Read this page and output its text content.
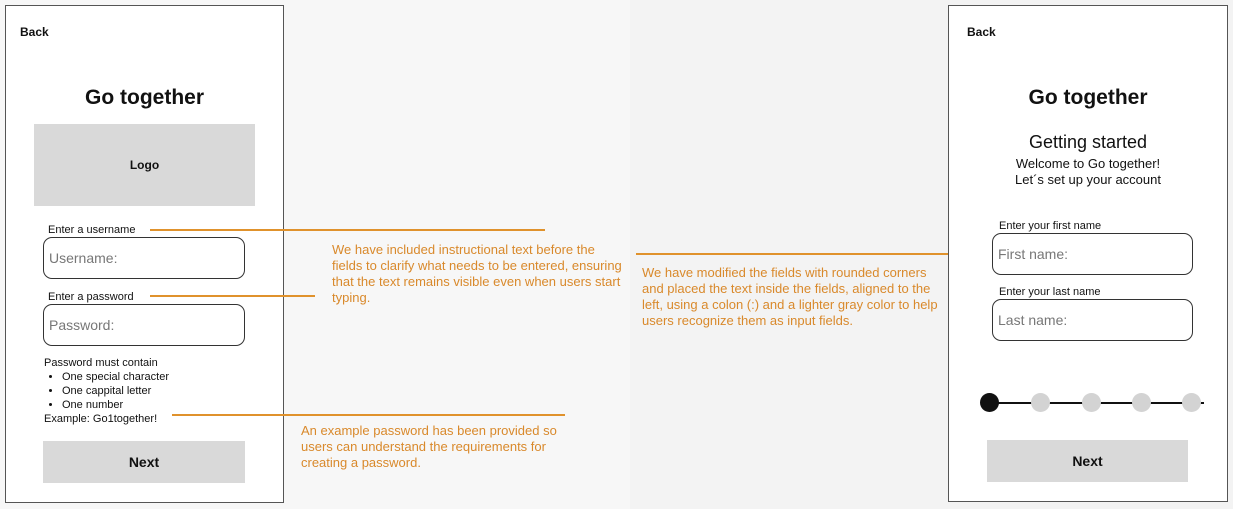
Back
Go together
Logo
Enter a username
Username:
Enter a password
Password:
Password must contain
• One special character
• One cappital letter
• One number
Example: Go1together!
Next
We have included instructional text before the fields to clarify what needs to be entered, ensuring that the text remains visible even when users start typing.
An example password has been provided so users can understand the requirements for creating a password.
We have modified the fields with rounded corners and placed the text inside the fields, aligned to the left, using a colon (:) and a lighter gray color to help users recognize them as input fields.
Back
Go together
Getting started
Welcome to Go together!
Let´s set up your account
Enter your first name
First name:
Enter your last name
Last name:
Next
